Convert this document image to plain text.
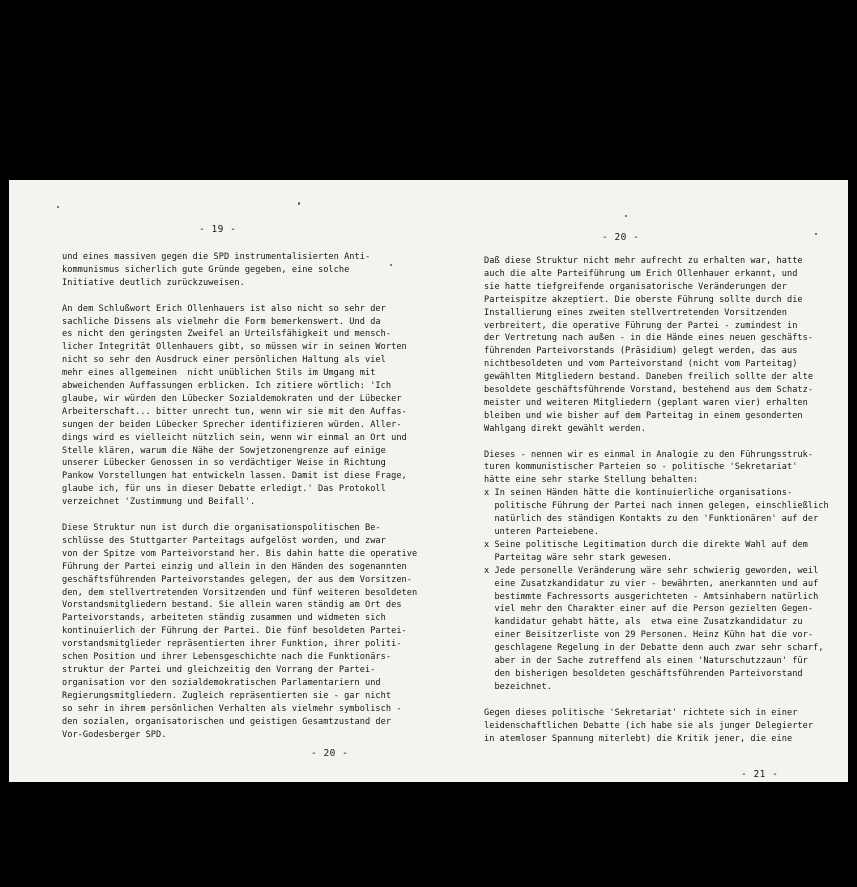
- 19 -
und eines massiven gegen die SPD instrumentalisierten Anti-
kommunismus sicherlich gute Gründe gegeben, eine solche
Initiative deutlich zurückzuweisen.
An dem Schlußwort Erich Ollenhauers ist also nicht so sehr der
sachliche Dissens als vielmehr die Form bemerkenswert. Und da
es nicht den geringsten Zweifel an Urteilsfähigkeit und mensch-
licher Integrität Ollenhauers gibt, so müssen wir in seinen Worten
nicht so sehr den Ausdruck einer persönlichen Haltung als viel
mehr eines allgemeinen  nicht unüblichen Stils im Umgang mit
abweichenden Auffassungen erblicken. Ich zitiere wörtlich: 'Ich
glaube, wir würden den Lübecker Sozialdemokraten und der Lübecker
Arbeiterschaft... bitter unrecht tun, wenn wir sie mit den Auffas-
sungen der beiden Lübecker Sprecher identifizieren würden. Aller-
dings wird es vielleicht nützlich sein, wenn wir einmal an Ort und
Stelle klären, warum die Nähe der Sowjetzonengrenze auf einige
unserer Lübecker Genossen in so verdächtiger Weise in Richtung
Pankow Vorstellungen hat entwickeln lassen. Damit ist diese Frage,
glaube ich, für uns in dieser Debatte erledigt.' Das Protokoll
verzeichnet 'Zustimmung und Beifall'.
Diese Struktur nun ist durch die organisationspolitischen Be-
schlüsse des Stuttgarter Parteitags aufgelöst worden, und zwar
von der Spitze vom Parteivorstand her. Bis dahin hatte die operative
Führung der Partei einzig und allein in den Händen des sogenannten
geschäftsführenden Parteivorstandes gelegen, der aus dem Vorsitzen-
den, dem stellvertretenden Vorsitzenden und fünf weiteren besoldeten
Vorstandsmitgliedern bestand. Sie allein waren ständig am Ort des
Parteivorstands, arbeiteten ständig zusammen und widmeten sich
kontinuierlich der Führung der Partei. Die fünf besoldeten Partei-
vorstandsmitglieder repräsentierten ihrer Funktion, ihrer politi-
schen Position und ihrer Lebensgeschichte nach die Funktionärs-
struktur der Partei und gleichzeitig den Vorrang der Partei-
organisation vor den sozialdemokratischen Parlamentariern und
Regierungsmitgliedern. Zugleich repräsentierten sie - gar nicht
so sehr in ihrem persönlichen Verhalten als vielmehr symbolisch -
den sozialen, organisatorischen und geistigen Gesamtzustand der
Vor-Godesberger SPD.
- 20 -
- 20 -
Daß diese Struktur nicht mehr aufrecht zu erhalten war, hatte
auch die alte Parteiführung um Erich Ollenhauer erkannt, und
sie hatte tiefgreifende organisatorische Veränderungen der
Parteispitze akzeptiert. Die oberste Führung sollte durch die
Installierung eines zweiten stellvertretenden Vorsitzenden
verbreitert, die operative Führung der Partei - zumindest in
der Vertretung nach außen - in die Hände eines neuen geschäfts-
führenden Parteivorstands (Präsidium) gelegt werden, das aus
nichtbesoldeten und vom Parteivorstand (nicht vom Parteitag)
gewählten Mitgliedern bestand. Daneben freilich sollte der alte
besoldete geschäftsführende Vorstand, bestehend aus dem Schatz-
meister und weiteren Mitgliedern (geplant waren vier) erhalten
bleiben und wie bisher auf dem Parteitag in einem gesonderten
Wahlgang direkt gewählt werden.
Dieses - nennen wir es einmal in Analogie zu den Führungsstruk-
turen kommunistischer Parteien so - politische 'Sekretariat'
hätte eine sehr starke Stellung behalten:
x In seinen Händen hätte die kontinuierliche organisations-
politische Führung der Partei nach innen gelegen, einschließlich
natürlich des ständigen Kontakts zu den 'Funktionären' auf der
unteren Parteiebene.
x Seine politische Legitimation durch die direkte Wahl auf dem
Parteitag wäre sehr stark gewesen.
x Jede personelle Veränderung wäre sehr schwierig geworden, weil
eine Zusatzkandidatur zu vier - bewährten, anerkannten und auf
bestimmte Fachressorts ausgerichteten - Amtsinhabern natürlich
viel mehr den Charakter einer auf die Person gezielten Gegen-
kandidatur gehabt hätte, als  etwa eine Zusatzkandidatur zu
einer Beisitzerliste von 29 Personen. Heinz Kühn hat die vor-
geschlagene Regelung in der Debatte denn auch zwar sehr scharf,
aber in der Sache zutreffend als einen 'Naturschutzzaun' für
den bisherigen besoldeten geschäftsführenden Parteivorstand
bezeichnet.
Gegen dieses politische 'Sekretariat' richtete sich in einer
leidenschaftlichen Debatte (ich habe sie als junger Delegierter
in atemloser Spannung miterlebt) die Kritik jener, die eine
- 21 -
